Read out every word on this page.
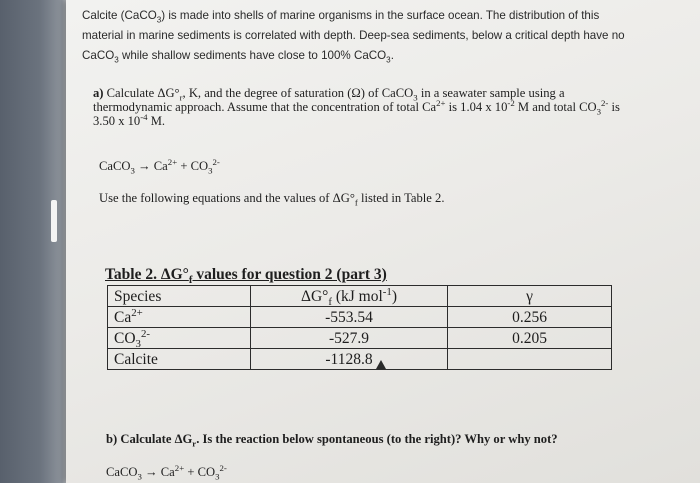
Calcite (CaCO$_3$) is made into shells of marine organisms in the surface ocean. The distribution of this
material in marine sediments is correlated with depth. Deep-sea sediments, below a critical depth have no
CaCO$_3$ while shallow sediments have close to 100% CaCO$_3$.
a) Calculate $\Delta G^\circ_r$, K, and the degree of saturation (Ω) of CaCO$_3$ in a seawater sample using a thermodynamic approach. Assume that the concentration of total $Ca^{2+}$ is 1.04 x $10^{-2}$ M and total $CO_3^{2-}$ is 3.50 x $10^{-4}$ M.
CaCO$_3$ → $Ca^{2+} + CO_3^{2-}$
Use the following equations and the values of $\Delta G^\circ_f$ listed in Table 2.
Table 2. $\Delta G^\circ_f$ values for question 2 (part 3)
Species	$\Delta G^\circ_f$ (kJ mol$^{-1}$)	γ
$Ca^{2+}$	-553.54	0.256
$CO_3^{2-}$	-527.9	0.205
Calcite	-1128.8	
b) Calculate $\Delta G_r$. Is the reaction below spontaneous (to the right)? Why or why not?
CaCO$_3$ → $Ca^{2+} + CO_3^{2-}$
